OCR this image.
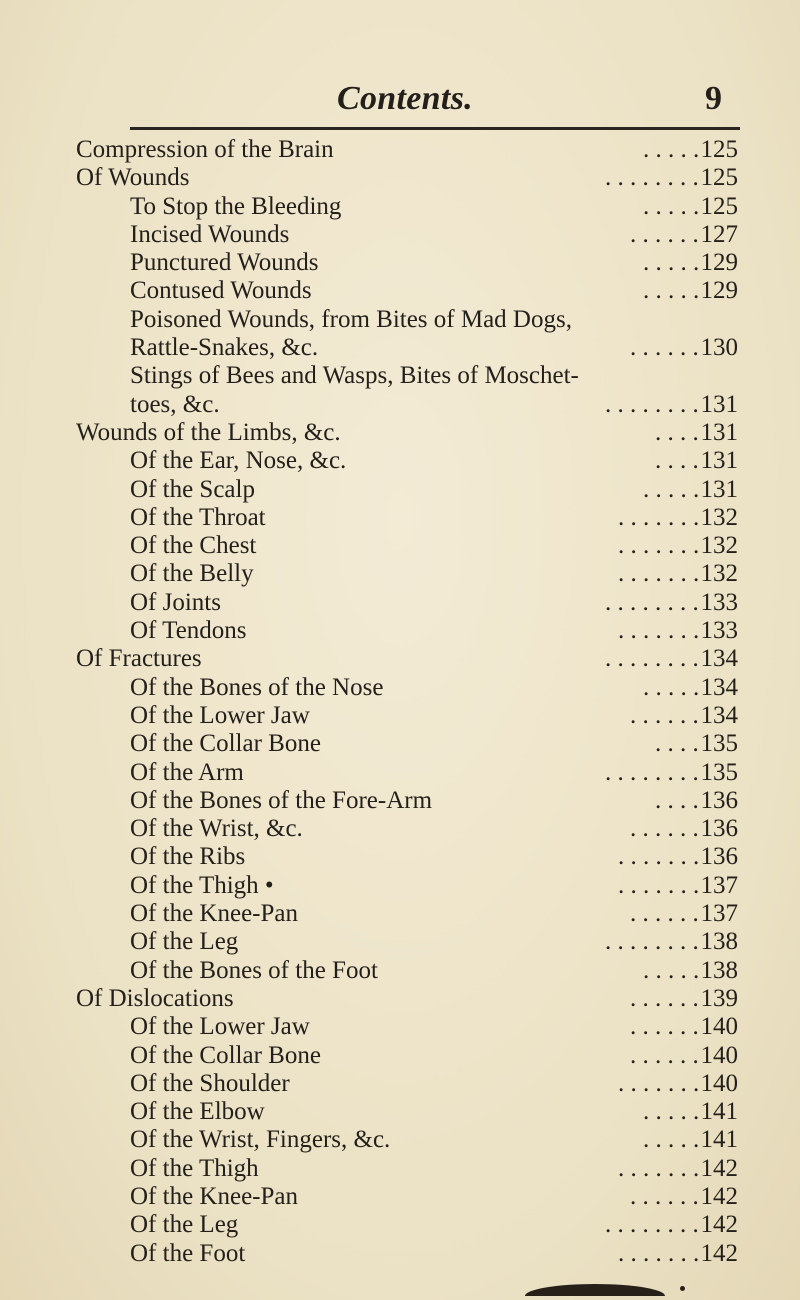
Contents.	9
Compression of the Brain	125
. . . . .
Of Wounds	125
. . . . . . . .
To Stop the Bleeding	125
. . . . .
Incised Wounds	127
. . . . . .
Punctured Wounds	129
. . . . .
Contused Wounds	129
. . . . .
Poisoned Wounds, from Bites of Mad Dogs,
Rattle-Snakes, &c.	130
. . . . . .
Stings of Bees and Wasps, Bites of Moschet-
toes, &c.	131
. . . . . . . .
Wounds of the Limbs, &c.	131
. . . .
Of the Ear, Nose, &c.	131
. . . .
Of the Scalp	131
. . . . .
Of the Throat	132
. . . . . . .
Of the Chest	132
. . . . . . .
Of the Belly	132
. . . . . . .
Of Joints	133
. . . . . . . .
Of Tendons	133
. . . . . . .
Of Fractures	134
. . . . . . . .
Of the Bones of the Nose	134
. . . . .
Of the Lower Jaw	134
. . . . . .
Of the Collar Bone	135
. . . .
Of the Arm	135
. . . . . . . .
Of the Bones of the Fore-Arm	136
. . . .
Of the Wrist, &c.	136
. . . . . .
Of the Ribs	136
. . . . . . .
Of the Thigh •	137
. . . . . . .
Of the Knee-Pan	137
. . . . . .
Of the Leg	138
. . . . . . . .
Of the Bones of the Foot	138
. . . . .
Of Dislocations	139
. . . . . .
Of the Lower Jaw	140
. . . . . .
Of the Collar Bone	140
. . . . . .
Of the Shoulder	140
. . . . . . .
Of the Elbow	141
. . . . .
Of the Wrist, Fingers, &c.	141
. . . . .
Of the Thigh	142
. . . . . . .
Of the Knee-Pan	142
. . . . . .
Of the Leg	142
. . . . . . . .
Of the Foot	142
. . . . . . .
